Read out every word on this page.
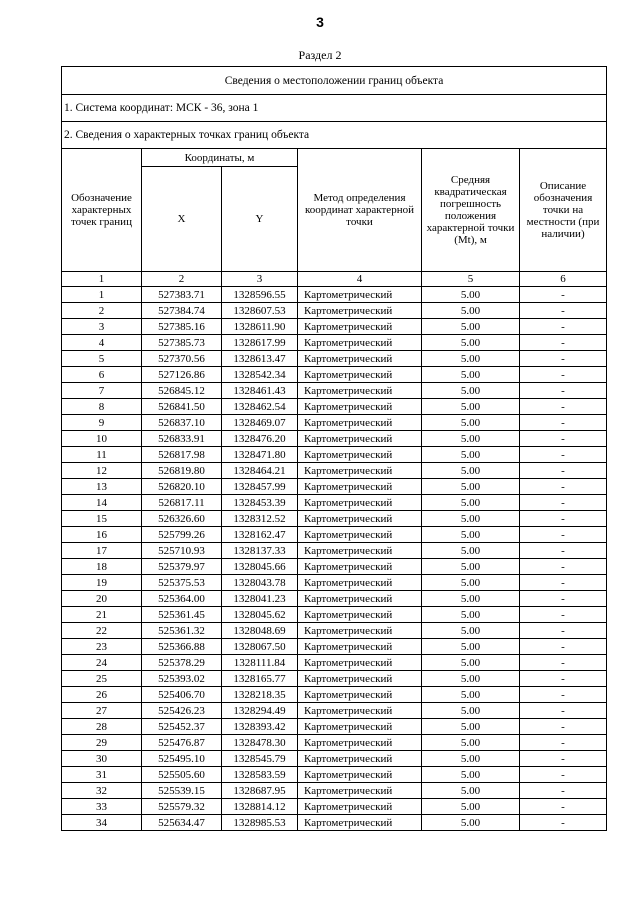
3
Раздел 2
Сведения о местоположении границ объекта					
1. Система координат: МСК - 36, зона 1					
2. Сведения о характерных точках границ объекта					
Обозначение характерных точек границ	Координаты, м		Метод определения координат характерной точки	Средняя квадратическая погрешность положения характерной точки (Mt), м	Описание обозначения точки на местности (при наличии)
	X	Y			
1	2	3	4	5	6
1	527383.71	1328596.55	Картометрический	5.00	-
2	527384.74	1328607.53	Картометрический	5.00	-
3	527385.16	1328611.90	Картометрический	5.00	-
4	527385.73	1328617.99	Картометрический	5.00	-
5	527370.56	1328613.47	Картометрический	5.00	-
6	527126.86	1328542.34	Картометрический	5.00	-
7	526845.12	1328461.43	Картометрический	5.00	-
8	526841.50	1328462.54	Картометрический	5.00	-
9	526837.10	1328469.07	Картометрический	5.00	-
10	526833.91	1328476.20	Картометрический	5.00	-
11	526817.98	1328471.80	Картометрический	5.00	-
12	526819.80	1328464.21	Картометрический	5.00	-
13	526820.10	1328457.99	Картометрический	5.00	-
14	526817.11	1328453.39	Картометрический	5.00	-
15	526326.60	1328312.52	Картометрический	5.00	-
16	525799.26	1328162.47	Картометрический	5.00	-
17	525710.93	1328137.33	Картометрический	5.00	-
18	525379.97	1328045.66	Картометрический	5.00	-
19	525375.53	1328043.78	Картометрический	5.00	-
20	525364.00	1328041.23	Картометрический	5.00	-
21	525361.45	1328045.62	Картометрический	5.00	-
22	525361.32	1328048.69	Картометрический	5.00	-
23	525366.88	1328067.50	Картометрический	5.00	-
24	525378.29	1328111.84	Картометрический	5.00	-
25	525393.02	1328165.77	Картометрический	5.00	-
26	525406.70	1328218.35	Картометрический	5.00	-
27	525426.23	1328294.49	Картометрический	5.00	-
28	525452.37	1328393.42	Картометрический	5.00	-
29	525476.87	1328478.30	Картометрический	5.00	-
30	525495.10	1328545.79	Картометрический	5.00	-
31	525505.60	1328583.59	Картометрический	5.00	-
32	525539.15	1328687.95	Картометрический	5.00	-
33	525579.32	1328814.12	Картометрический	5.00	-
34	525634.47	1328985.53	Картометрический	5.00	-
